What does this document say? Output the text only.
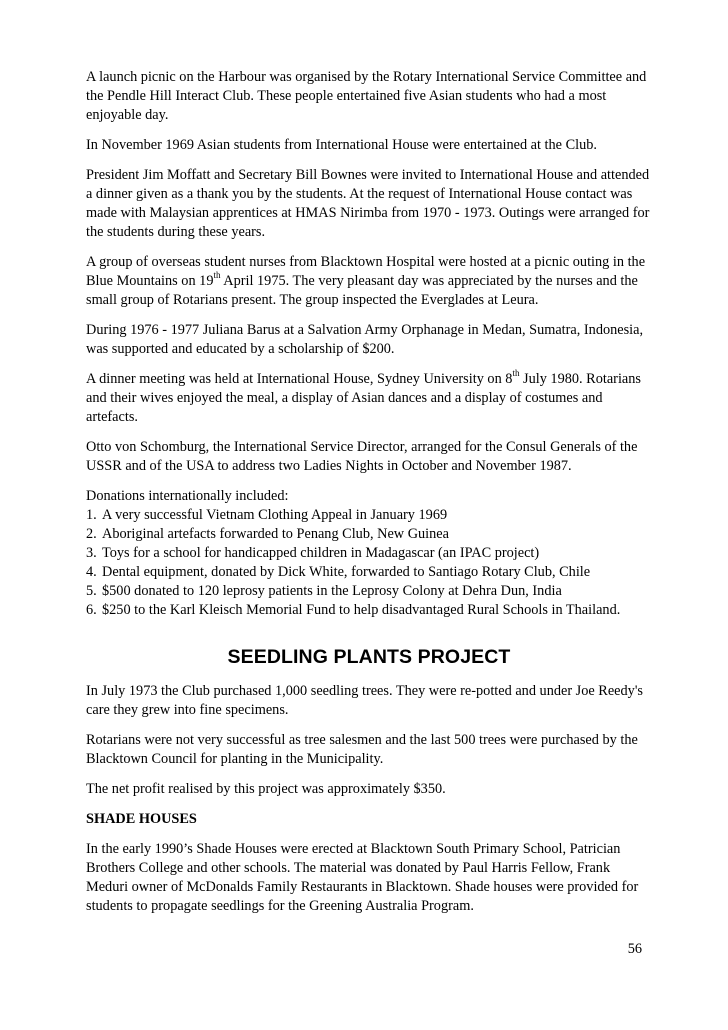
A launch picnic on the Harbour was organised by the Rotary International Service Committee and the Pendle Hill Interact Club. These people entertained five Asian students who had a most enjoyable day.

In November 1969 Asian students from International House were entertained at the Club.

President Jim Moffatt and Secretary Bill Bownes were invited to International House and attended a dinner given as a thank you by the students. At the request of International House contact was made with Malaysian apprentices at HMAS Nirimba from 1970 - 1973. Outings were arranged for the students during these years.

A group of overseas student nurses from Blacktown Hospital were hosted at a picnic outing in the Blue Mountains on 19th April 1975. The very pleasant day was appreciated by the nurses and the small group of Rotarians present. The group inspected the Everglades at Leura.

During 1976 - 1977 Juliana Barus at a Salvation Army Orphanage in Medan, Sumatra, Indonesia, was supported and educated by a scholarship of $200.

A dinner meeting was held at International House, Sydney University on 8th July 1980. Rotarians and their wives enjoyed the meal, a display of Asian dances and a display of costumes and artefacts.

Otto von Schomburg, the International Service Director, arranged for the Consul Generals of the USSR and of the USA to address two Ladies Nights in October and November 1987.

Donations internationally included:
1. A very successful Vietnam Clothing Appeal in January 1969
2. Aboriginal artefacts forwarded to Penang Club, New Guinea
3. Toys for a school for handicapped children in Madagascar (an IPAC project)
4. Dental equipment, donated by Dick White, forwarded to Santiago Rotary Club, Chile
5. $500 donated to 120 leprosy patients in the Leprosy Colony at Dehra Dun, India
6. $250 to the Karl Kleisch Memorial Fund to help disadvantaged Rural Schools in Thailand.
SEEDLING PLANTS PROJECT

In July 1973 the Club purchased 1,000 seedling trees. They were re-potted and under Joe Reedy's care they grew into fine specimens.

Rotarians were not very successful as tree salesmen and the last 500 trees were purchased by the Blacktown Council for planting in the Municipality.

The net profit realised by this project was approximately $350.

SHADE HOUSES

In the early 1990’s Shade Houses were erected at Blacktown South Primary School, Patrician Brothers College and other schools. The material was donated by Paul Harris Fellow, Frank Meduri owner of McDonalds Family Restaurants in Blacktown. Shade houses were provided for students to propagate seedlings for the Greening Australia Program.

56
